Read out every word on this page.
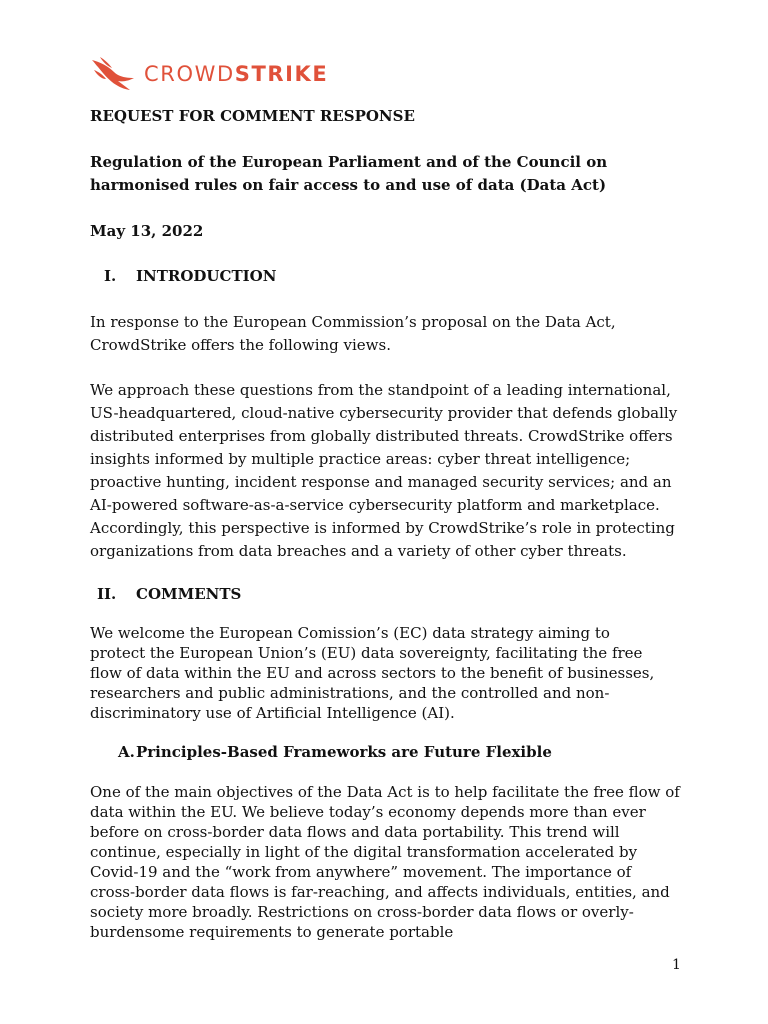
CROWDSTRIKE

REQUEST FOR COMMENT RESPONSE

Regulation of the European Parliament and of the Council on harmonised rules on fair access to and use of data (Data Act)

May 13, 2022

I. INTRODUCTION

In response to the European Commission’s proposal on the Data Act, CrowdStrike offers the following views.

We approach these questions from the standpoint of a leading international, US-headquartered, cloud-native cybersecurity provider that defends globally distributed enterprises from globally distributed threats. CrowdStrike offers insights informed by multiple practice areas: cyber threat intelligence; proactive hunting, incident response and managed security services; and an AI-powered software-as-a-service cybersecurity platform and marketplace. Accordingly, this perspective is informed by CrowdStrike’s role in protecting organizations from data breaches and a variety of other cyber threats.

II. COMMENTS

We welcome the European Comission’s (EC) data strategy aiming to protect the European Union’s (EU) data sovereignty, facilitating the free flow of data within the EU and across sectors to the benefit of businesses, researchers and public administrations, and the controlled and non-discriminatory use of Artificial Intelligence (AI).

A.Principles-Based Frameworks are Future Flexible

One of the main objectives of the Data Act is to help facilitate the free flow of data within the EU. We believe today’s economy depends more than ever before on cross-border data flows and data portability. This trend will continue, especially in light of the digital transformation accelerated by Covid-19 and the “work from anywhere” movement. The importance of cross-border data flows is far-reaching, and affects individuals, entities, and society more broadly. Restrictions on cross-border data flows or overly-burdensome requirements to generate portable

1
